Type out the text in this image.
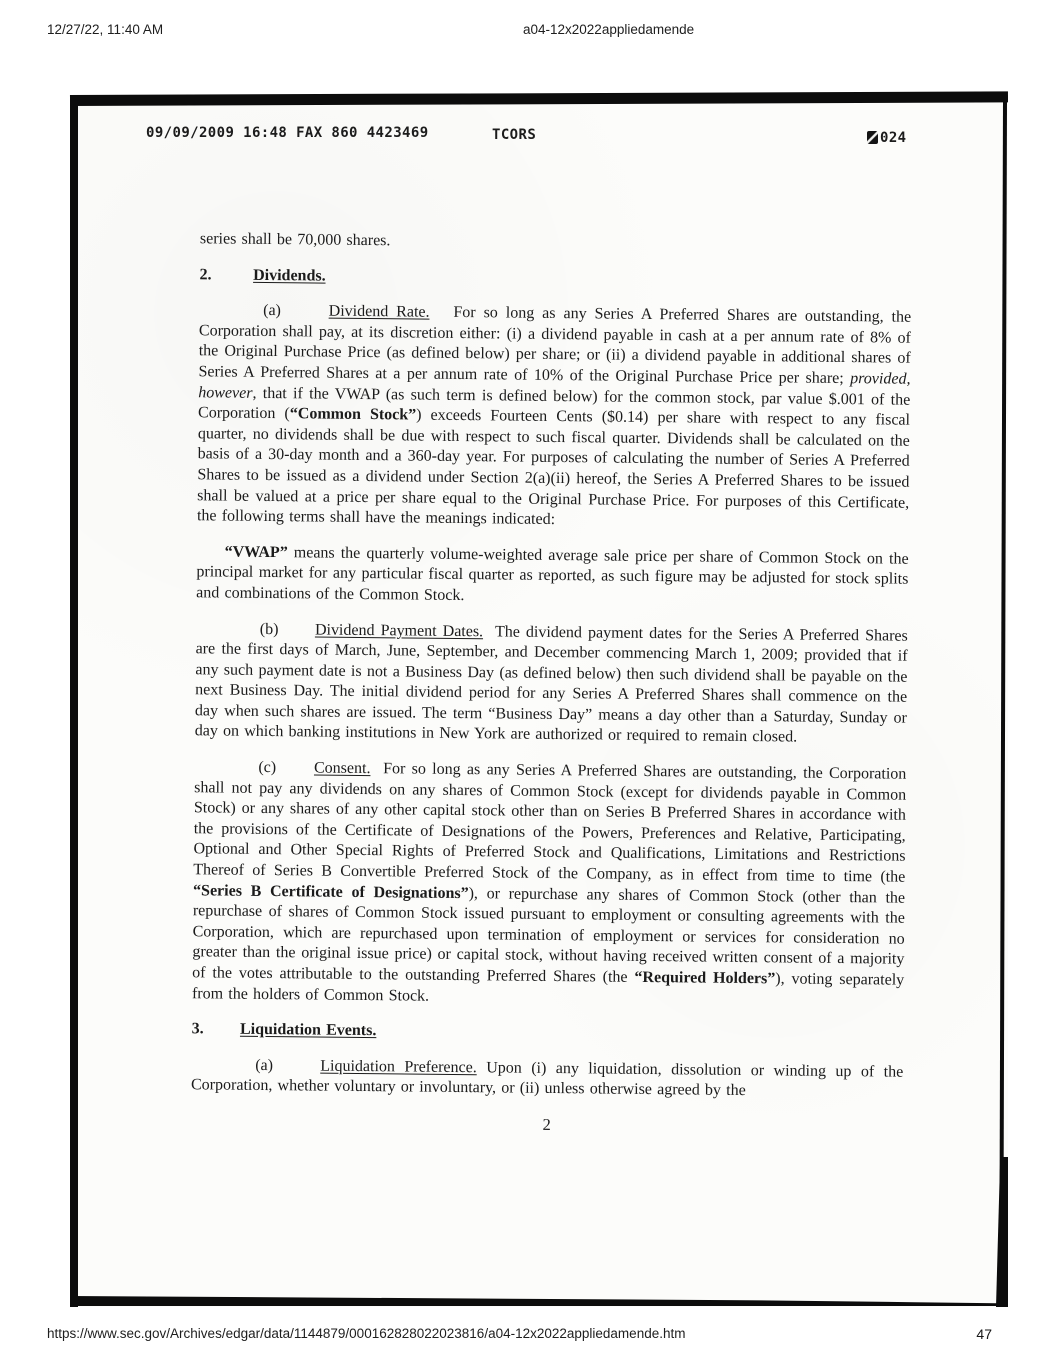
12/27/22, 11:40 AM	a04-12x2022appliedamende
09/09/2009 16:48 FAX 860 4423469	TCORS	024

series shall be 70,000 shares.

2.	Dividends.

(a)	Dividend Rate.   For so long as any Series A Preferred Shares are outstanding, the Corporation shall pay, at its discretion either: (i) a dividend payable in cash at a per annum rate of 8% of the Original Purchase Price (as defined below) per share; or (ii) a dividend payable in additional shares of Series A Preferred Shares at a per annum rate of 10% of the Original Purchase Price per share; provided, however, that if the VWAP (as such term is defined below) for the common stock, par value $.001 of the Corporation (“Common Stock”) exceeds Fourteen Cents ($0.14) per share with respect to any fiscal quarter, no dividends shall be due with respect to such fiscal quarter. Dividends shall be calculated on the basis of a 30-day month and a 360-day year. For purposes of calculating the number of Series A Preferred Shares to be issued as a dividend under Section 2(a)(ii) hereof, the Series A Preferred Shares to be issued shall be valued at a price per share equal to the Original Purchase Price. For purposes of this Certificate, the following terms shall have the meanings indicated:

“VWAP” means the quarterly volume-weighted average sale price per share of Common Stock on the principal market for any particular fiscal quarter as reported, as such figure may be adjusted for stock splits and combinations of the Common Stock.

(b) Dividend Payment Dates.  The dividend payment dates for the Series A Preferred Shares are the first days of March, June, September, and December commencing March 1, 2009; provided that if any such payment date is not a Business Day (as defined below) then such dividend shall be payable on the next Business Day. The initial dividend period for any Series A Preferred Shares shall commence on the day when such shares are issued. The term “Business Day” means a day other than a Saturday, Sunday or day on which banking institutions in New York are authorized or required to remain closed.

(c) Consent.  For so long as any Series A Preferred Shares are outstanding, the Corporation shall not pay any dividends on any shares of Common Stock (except for dividends payable in Common Stock) or any shares of any other capital stock other than on Series B Preferred Shares in accordance with the provisions of the Certificate of Designations of the Powers, Preferences and Relative, Participating, Optional and Other Special Rights of Preferred Stock and Qualifications, Limitations and Restrictions Thereof of Series B Convertible Preferred Stock of the Company, as in effect from time to time (the “Series B Certificate of Designations”), or repurchase any shares of Common Stock (other than the repurchase of shares of Common Stock issued pursuant to employment or consulting agreements with the Corporation, which are repurchased upon termination of employment or services for consideration no greater than the original issue price) or capital stock, without having received written consent of a majority of the votes attributable to the outstanding Preferred Shares (the “Required Holders”), voting separately from the holders of Common Stock.

3. Liquidation Events.

(a)	Liquidation Preference. Upon (i) any liquidation, dissolution or winding up of the Corporation, whether voluntary or involuntary, or (ii) unless otherwise agreed by the

2

https://www.sec.gov/Archives/edgar/data/1144879/000162828022023816/a04-12x2022appliedamende.htm	47
